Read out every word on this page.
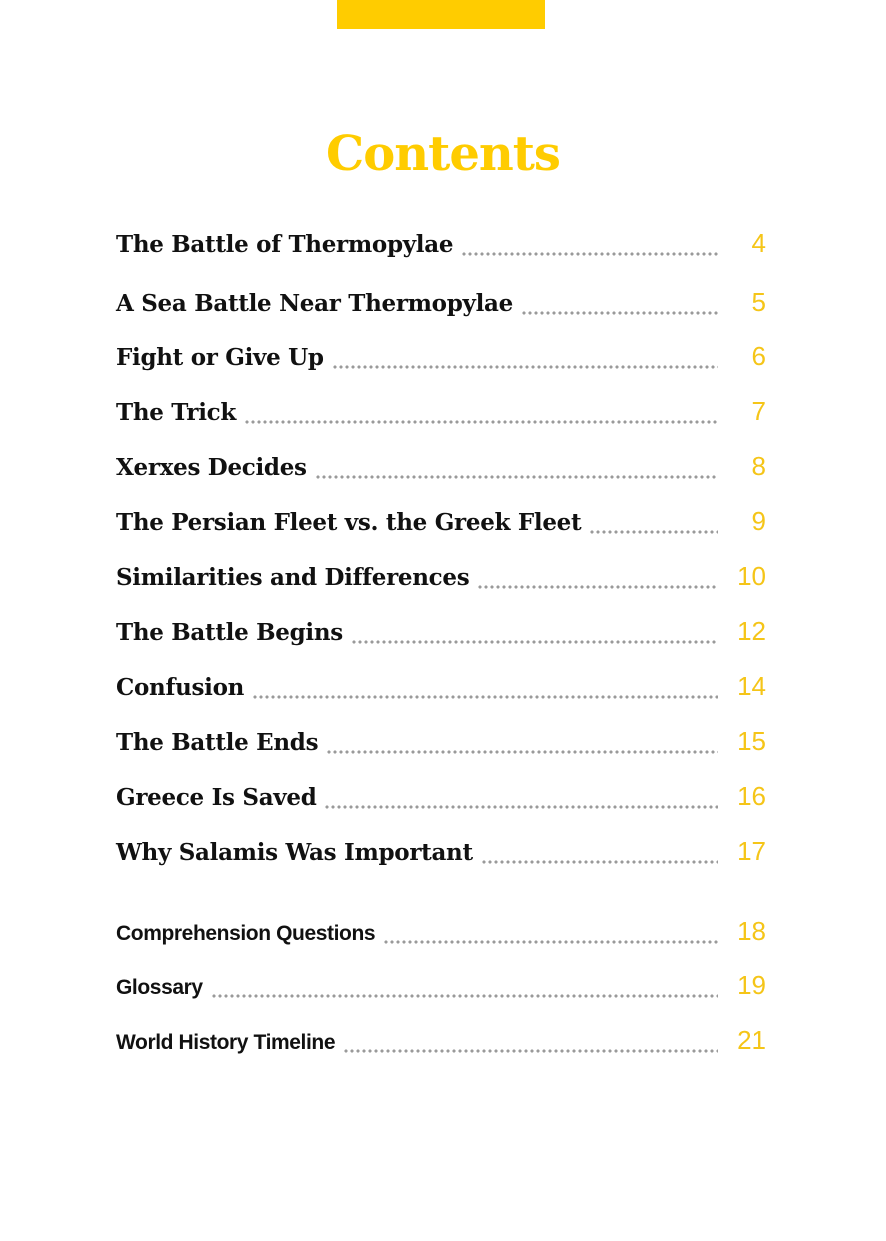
Contents
The Battle of Thermopylae	4
A Sea Battle Near Thermopylae	5
Fight or Give Up	6
The Trick	7
Xerxes Decides	8
The Persian Fleet vs. the Greek Fleet	9
Similarities and Differences	10
The Battle Begins	12
Confusion	14
The Battle Ends	15
Greece Is Saved	16
Why Salamis Was Important	17
Comprehension Questions	18
Glossary	19
World History Timeline	21
